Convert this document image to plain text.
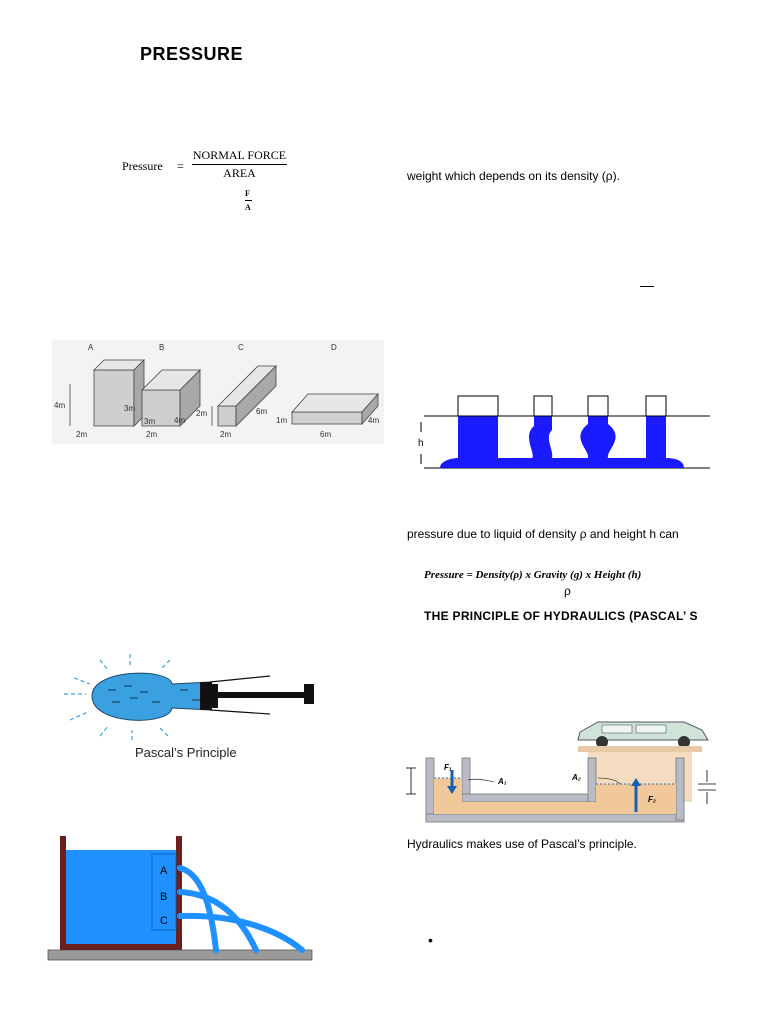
PRESSURE
Pressure =
NORMAL FORCE
AREA
F
A
weight which depends on its density (ρ).
A	B	C	D
4m
3m
2m
3m
4m
2m
2m	6m
2m
1m	4m
6m
h
pressure due to liquid of density ρ and height h can
Pressure = Density(ρ) x Gravity (g) x Height (h)
ρ
THE PRINCIPLE OF HYDRAULICS (PASCAL’ S
Pascal’s Principle
F₁
A₁	A₂
F₂
Hydraulics makes use of Pascal’s principle.
A
B
C
•
